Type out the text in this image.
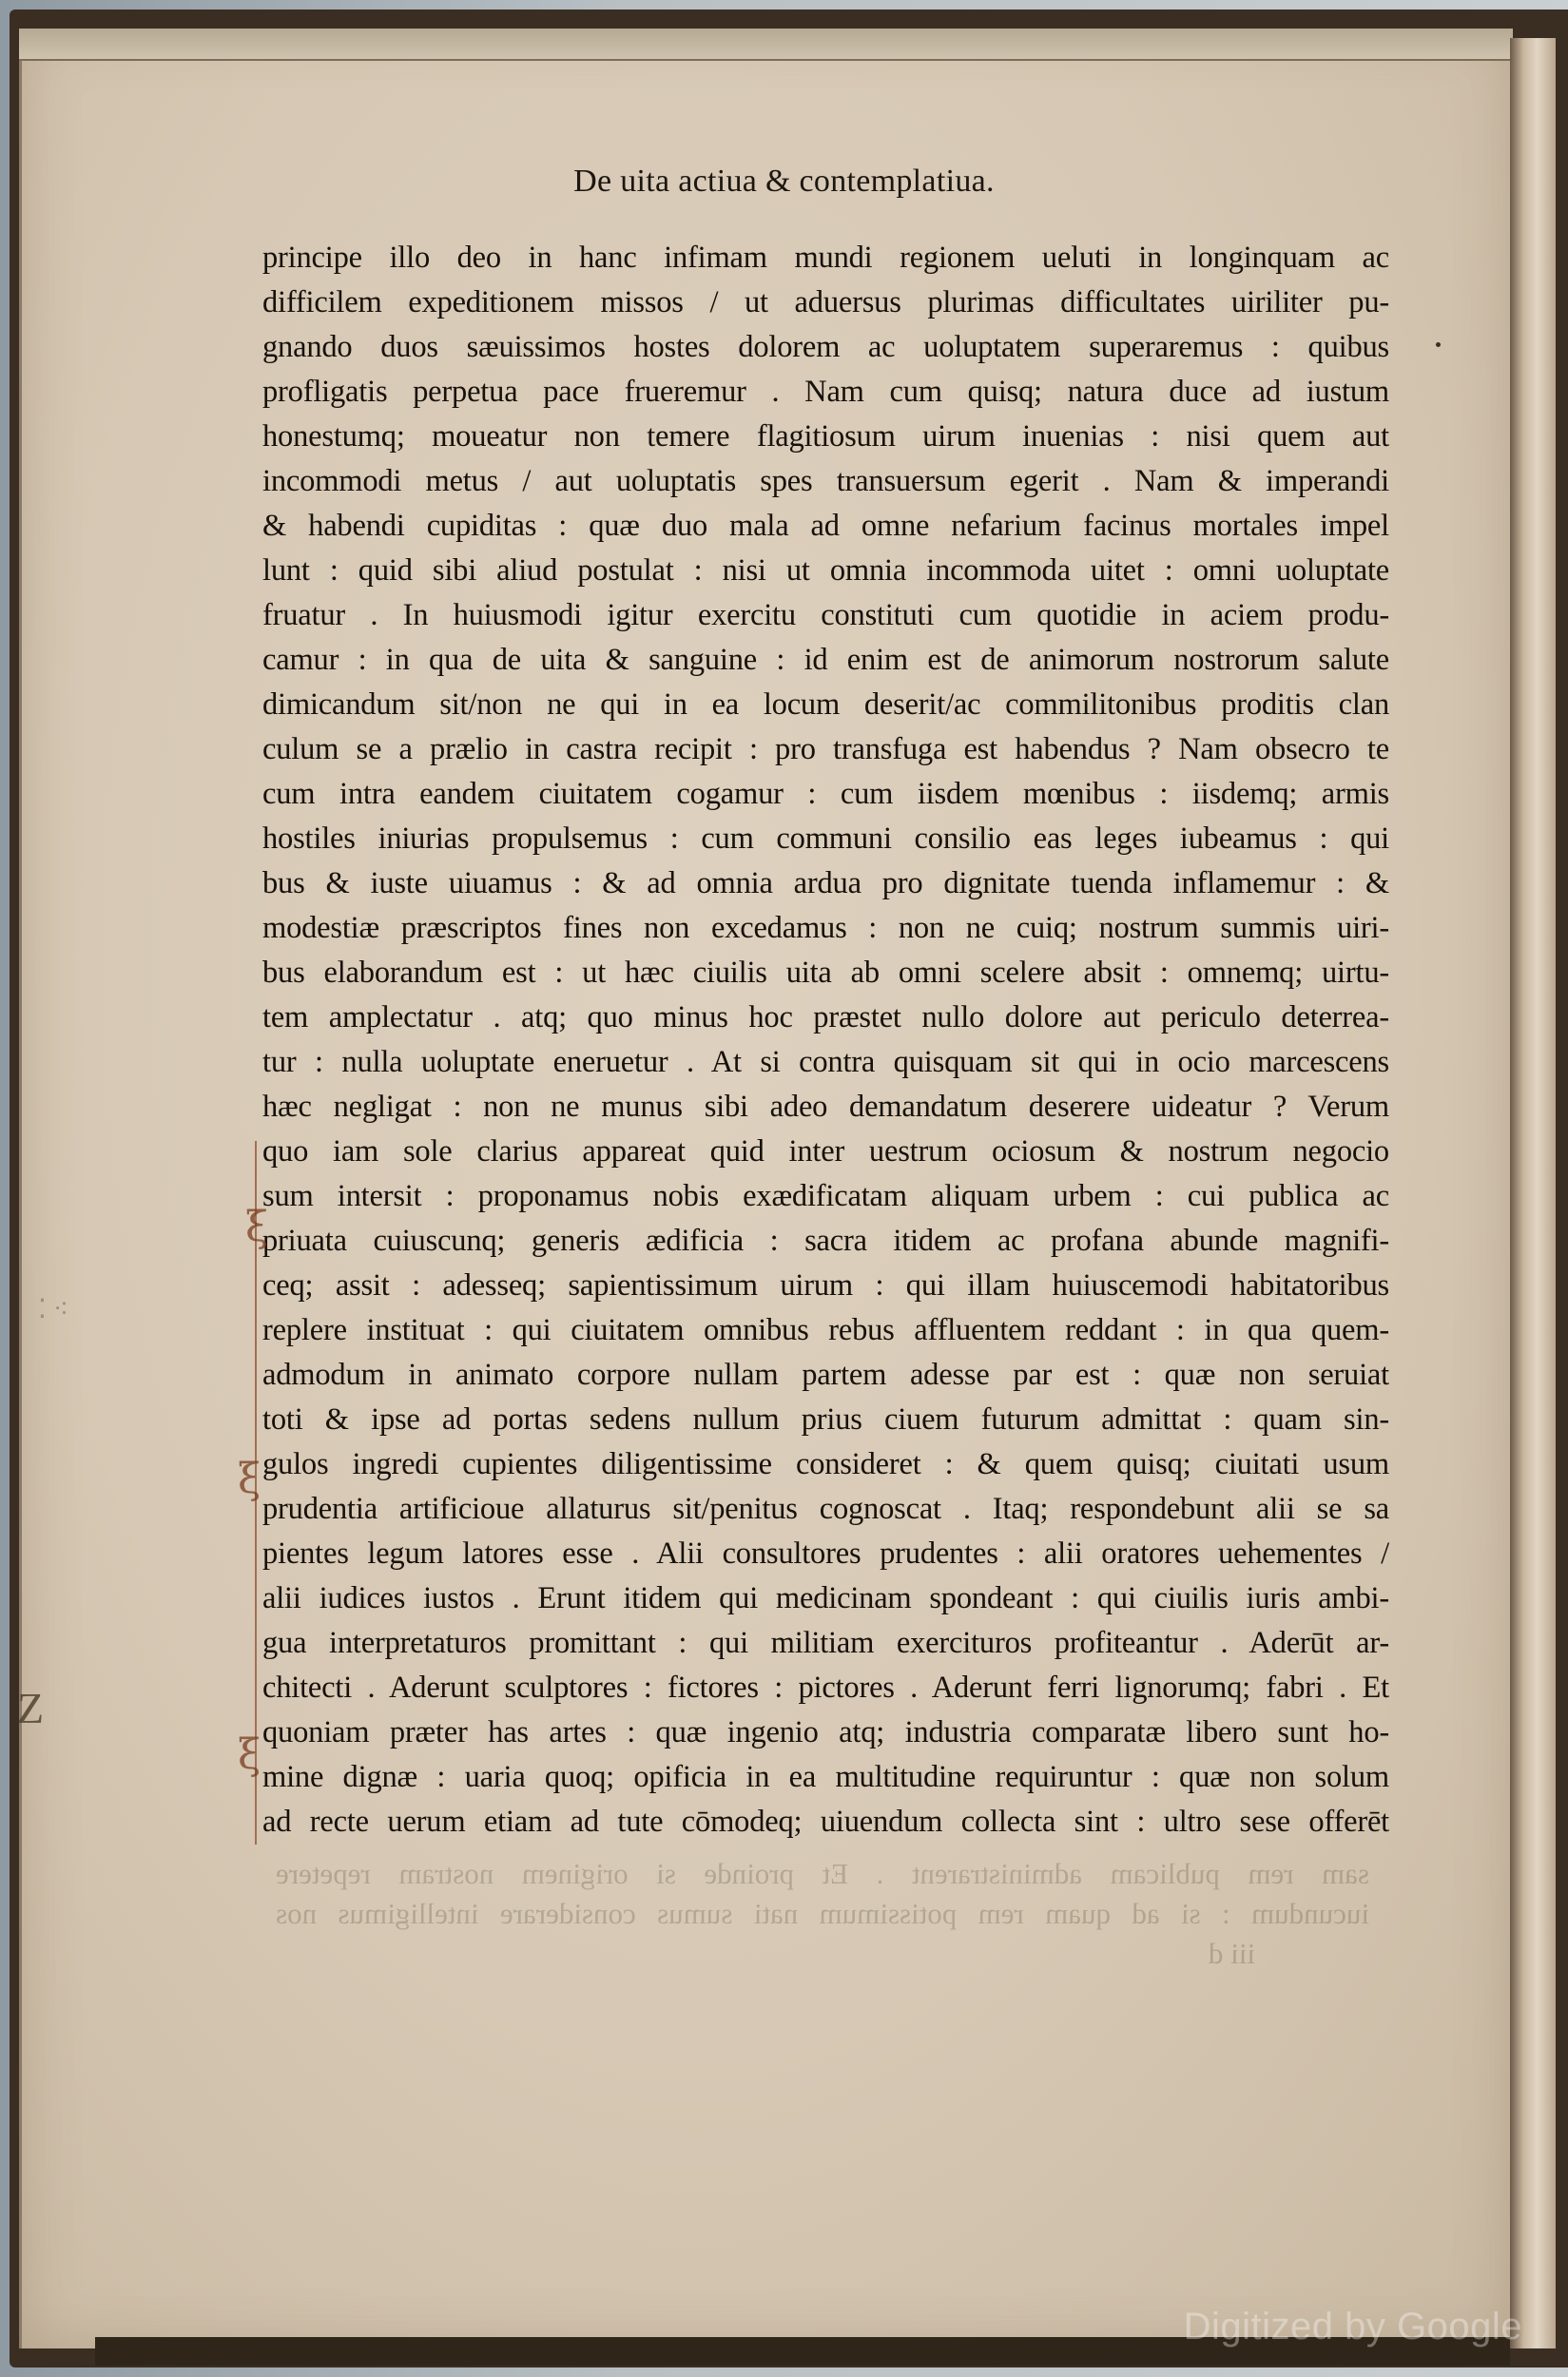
De uita actiua & contemplatiua.
principe illo deo in hanc infimam mundi regionem ueluti in longinquam ac
difficilem expeditionem missos / ut aduersus plurimas difficultates uiriliter pu-
gnando duos sæuissimos hostes dolorem ac uoluptatem superaremus : quibus
profligatis perpetua pace frueremur . Nam cum quisq; natura duce ad iustum
honestumq; moueatur non temere flagitiosum uirum inuenias : nisi quem aut
incommodi metus / aut uoluptatis spes transuersum egerit . Nam & imperandi
& habendi cupiditas : quæ duo mala ad omne nefarium facinus mortales impel
lunt : quid sibi aliud postulat : nisi ut omnia incommoda uitet : omni uoluptate
fruatur . In huiusmodi igitur exercitu constituti cum quotidie in aciem produ-
camur : in qua de uita & sanguine : id enim est de animorum nostrorum salute
dimicandum sit/non ne qui in ea locum deserit/ac commilitonibus proditis clan
culum se a prælio in castra recipit : pro transfuga est habendus ? Nam obsecro te
cum intra eandem ciuitatem cogamur : cum iisdem mœnibus : iisdemq; armis
hostiles iniurias propulsemus : cum communi consilio eas leges iubeamus : qui
bus & iuste uiuamus : & ad omnia ardua pro dignitate tuenda inflamemur : &
modestiæ præscriptos fines non excedamus : non ne cuiq; nostrum summis uiri-
bus elaborandum est : ut hæc ciuilis uita ab omni scelere absit : omnemq; uirtu-
tem amplectatur . atq; quo minus hoc præstet nullo dolore aut periculo deterrea-
tur : nulla uoluptate eneruetur . At si contra quisquam sit qui in ocio marcescens
hæc negligat : non ne munus sibi adeo demandatum deserere uideatur ? Verum
quo iam sole clarius appareat quid inter uestrum ociosum & nostrum negocio
sum intersit : proponamus nobis exædificatam aliquam urbem : cui publica ac
priuata cuiuscunq; generis ædificia : sacra itidem ac profana abunde magnifi-
ceq; assit : adesseq; sapientissimum uirum : qui illam huiuscemodi habitatoribus
replere instituat : qui ciuitatem omnibus rebus affluentem reddant : in qua quem-
admodum in animato corpore nullam partem adesse par est : quæ non seruiat
toti & ipse ad portas sedens nullum prius ciuem futurum admittat : quam sin-
gulos ingredi cupientes diligentissime consideret : & quem quisq; ciuitati usum
prudentia artificioue allaturus sit/penitus cognoscat . Itaq; respondebunt alii se sa
pientes legum latores esse . Alii consultores prudentes : alii oratores uehementes /
alii iudices iustos . Erunt itidem qui medicinam spondeant : qui ciuilis iuris ambi-
gua interpretaturos promittant : qui militiam exercituros profiteantur . Aderūt ar-
chitecti . Aderunt sculptores : fictores : pictores . Aderunt ferri lignorumq; fabri . Et
quoniam præter has artes : quæ ingenio atq; industria comparatæ libero sunt ho-
mine dignæ : uaria quoq; opificia in ea multitudine requiruntur : quæ non solum
ad recte uerum etiam ad tute cōmodeq; uiuendum collecta sint : ultro sese offerēt
sam rem publicam administrarent . Et proinde si originem nostram repetere
iucundum : si ad quam rem potissimum nati sumus considerare intelligimus nos
iii d
ξ
ξ
ξ
⁚ ⁖
Z
Digitized by Google
